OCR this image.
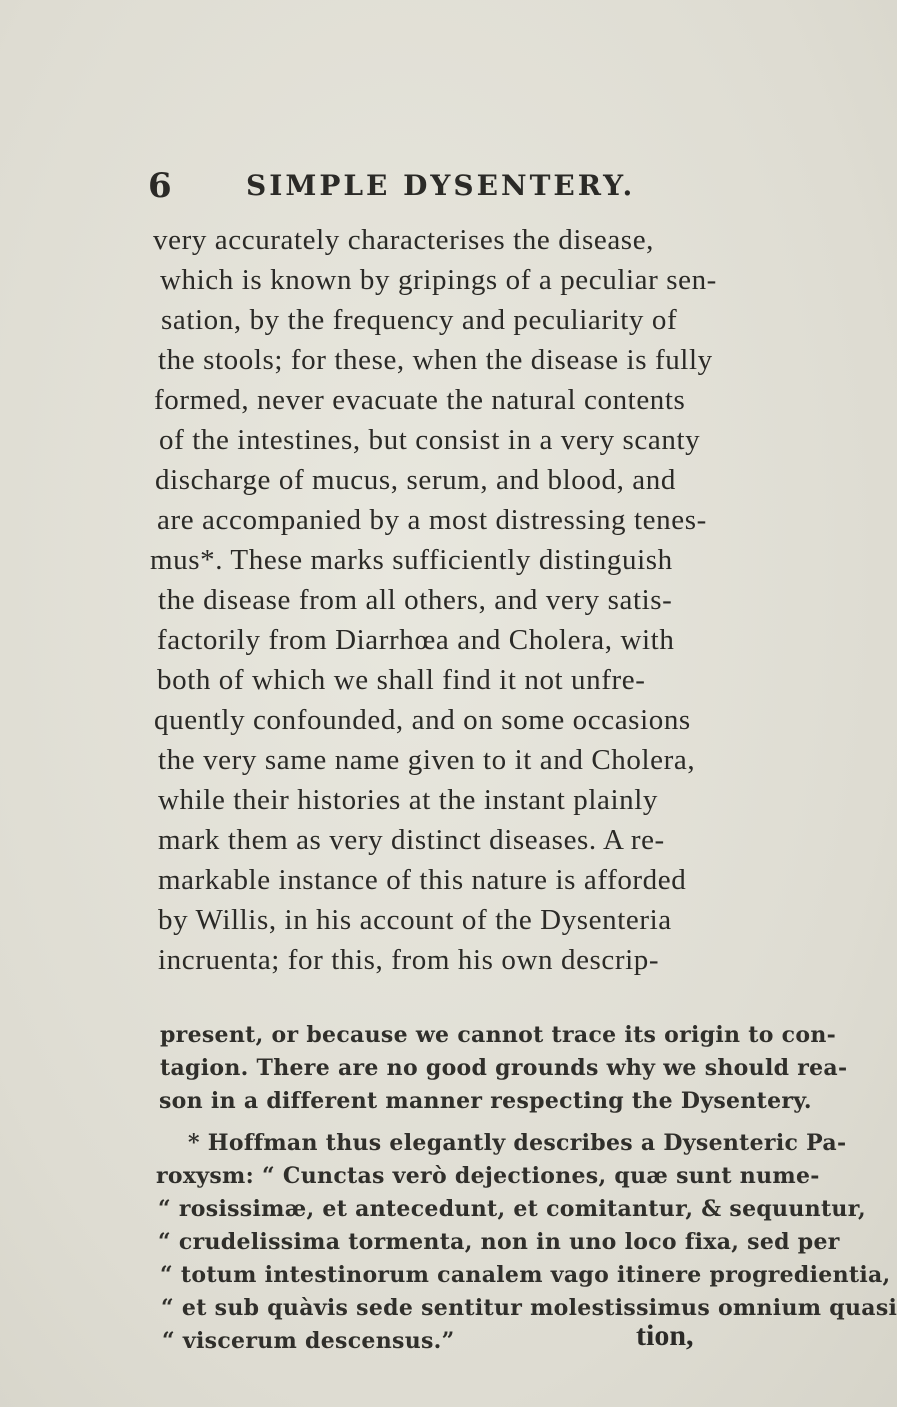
6	SIMPLE DYSENTERY.
very accurately characterises the disease,
which is known by gripings of a peculiar sen-
sation, by the frequency and peculiarity of
the stools; for these, when the disease is fully
formed, never evacuate the natural contents
of the intestines, but consist in a very scanty
discharge of mucus, serum, and blood, and
are accompanied by a most distressing tenes-
mus*. These marks sufficiently distinguish
the disease from all others, and very satis-
factorily from Diarrhœa and Cholera, with
both of which we shall find it not unfre-
quently confounded, and on some occasions
the very same name given to it and Cholera,
while their histories at the instant plainly
mark them as very distinct diseases. A re-
markable instance of this nature is afforded
by Willis, in his account of the Dysenteria
incruenta; for this, from his own descrip-
present, or because we cannot trace its origin to con-
tagion. There are no good grounds why we should rea-
son in a different manner respecting the Dysentery.
* Hoffman thus elegantly describes a Dysenteric Pa-
roxysm: “ Cunctas verò dejectiones, quæ sunt nume-
“ rosissimæ, et antecedunt, et comitantur, & sequuntur,
“ crudelissima tormenta, non in uno loco fixa, sed per
“ totum intestinorum canalem vago itinere progredientia,
“ et sub quàvis sede sentitur molestissimus omnium quasi
“ viscerum descensus.”	tion,
